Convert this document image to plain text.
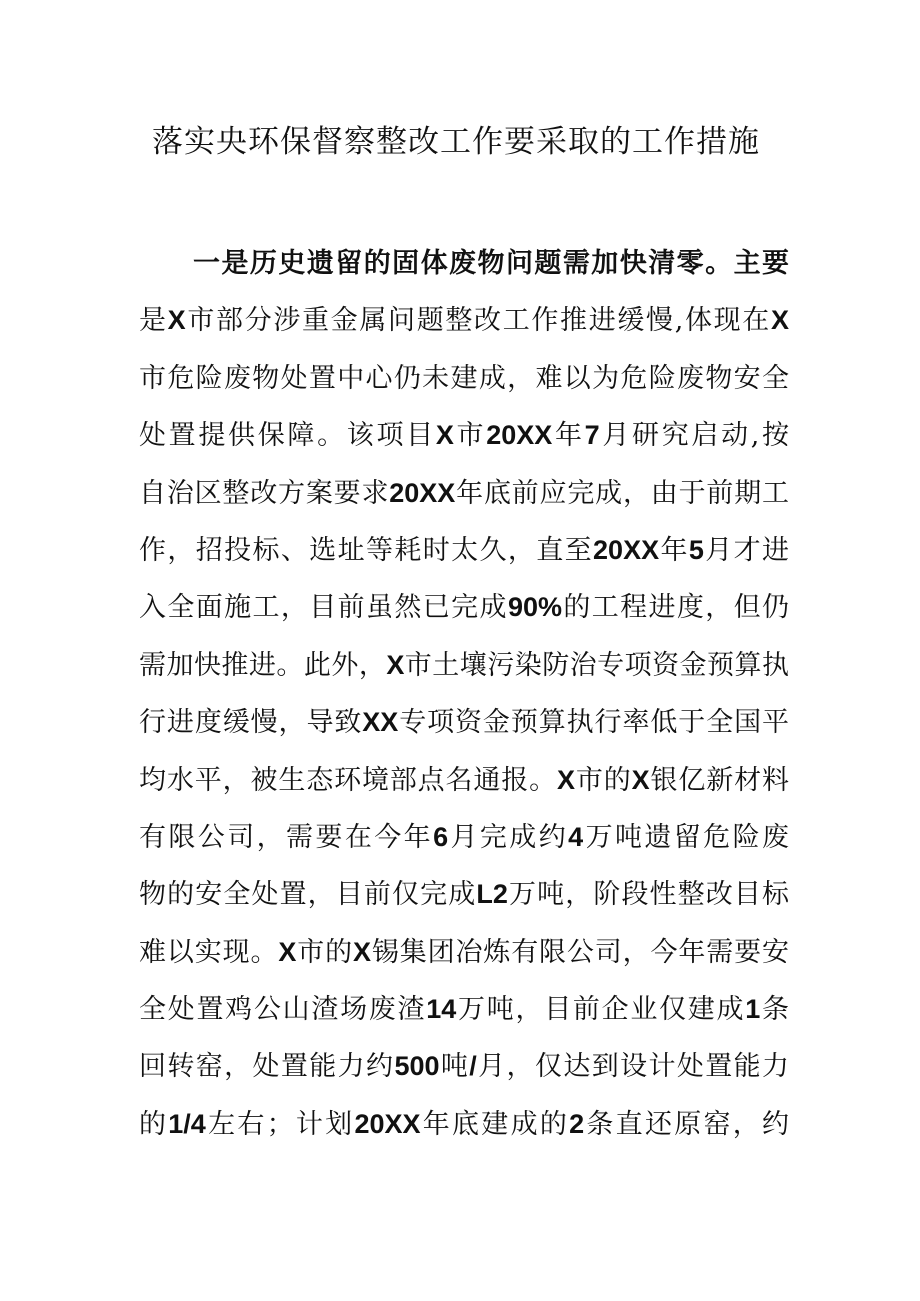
落实央环保督察整改工作要采取的工作措施
一是历史遗留的固体废物问题需加快清零。主要
是X市部分涉重金属问题整改工作推进缓慢,体现在X
市危险废物处置中心仍未建成，难以为危险废物安全
处置提供保障。该项目X市20XX年7月研究启动,按
自治区整改方案要求20XX年底前应完成，由于前期工
作，招投标、选址等耗时太久，直至20XX年5月才进
入全面施工，目前虽然已完成90%的工程进度，但仍
需加快推进。此外，X市土壤污染防治专项资金预算执
行进度缓慢，导致XX专项资金预算执行率低于全国平
均水平，被生态环境部点名通报。X市的X银亿新材料
有限公司，需要在今年6月完成约4万吨遗留危险废
物的安全处置，目前仅完成L2万吨，阶段性整改目标
难以实现。X市的X锡集团冶炼有限公司，今年需要安
全处置鸡公山渣场废渣14万吨，目前企业仅建成1条
回转窑，处置能力约500吨/月，仅达到设计处置能力
的1/4左右；计划20XX年底建成的2条直还原窑，约
